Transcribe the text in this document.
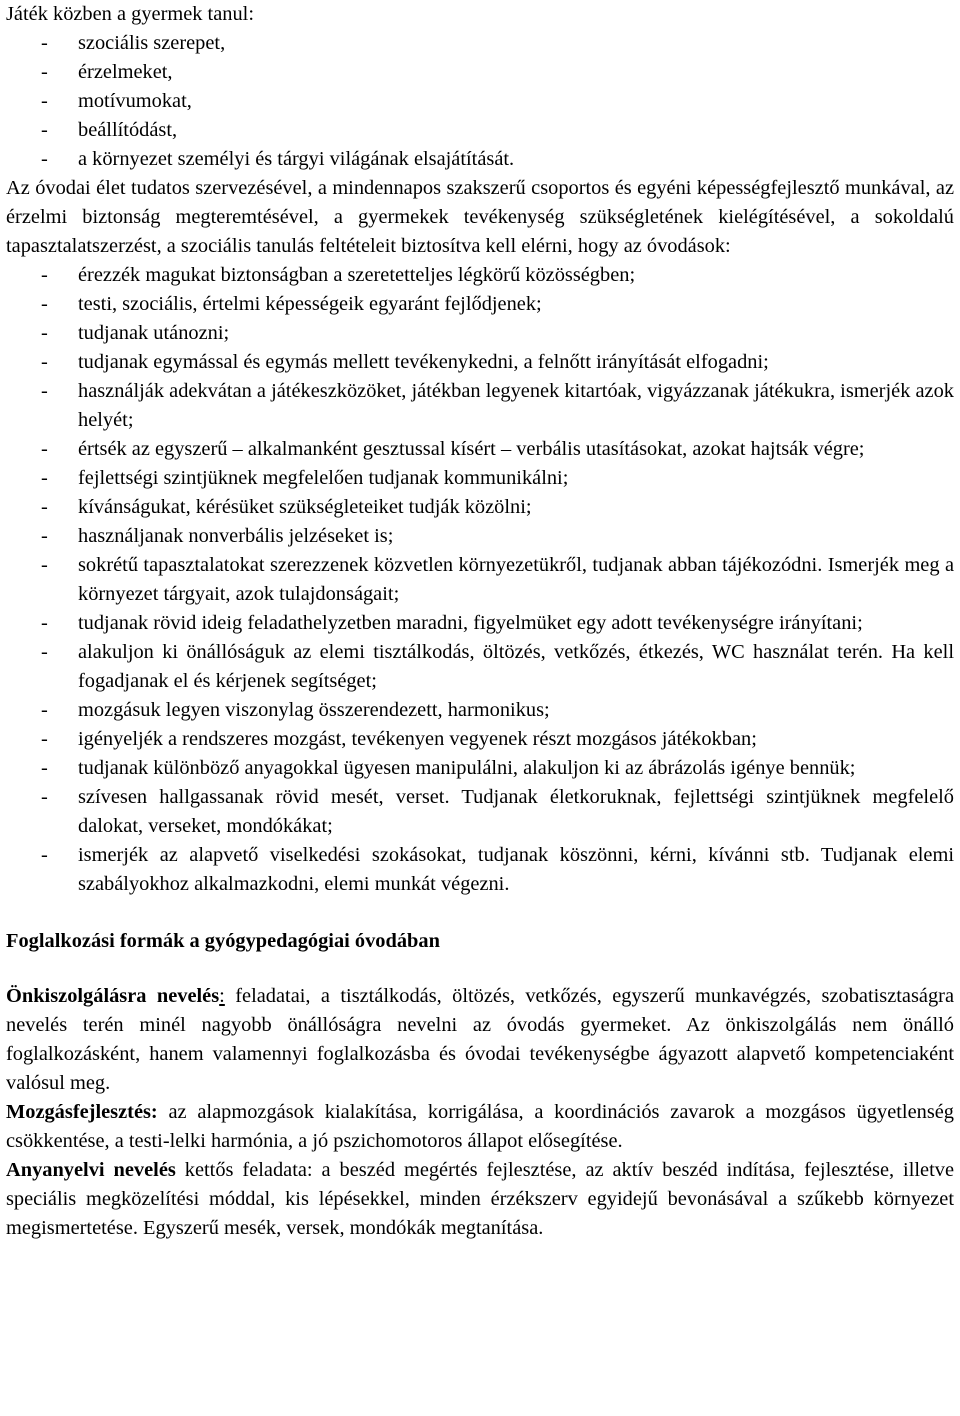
Játék közben a gyermek tanul:
- szociális szerepet,
- érzelmeket,
- motívumokat,
- beállítódást,
- a környezet személyi és tárgyi világának elsajátítását.
Az óvodai élet tudatos szervezésével, a mindennapos szakszerű csoportos és egyéni képességfejlesztő munkával, az érzelmi biztonság megteremtésével, a gyermekek tevékenység szükségletének kielégítésével, a sokoldalú tapasztalatszerzést, a szociális tanulás feltételeit biztosítva kell elérni, hogy az óvodások:
- érezzék magukat biztonságban a szeretetteljes légkörű közösségben;
- testi, szociális, értelmi képességeik egyaránt fejlődjenek;
- tudjanak utánozni;
- tudjanak egymással és egymás mellett tevékenykedni, a felnőtt irányítását elfogadni;
- használják adekvátan a játékeszközöket, játékban legyenek kitartóak, vigyázzanak játékukra, ismerjék azok helyét;
- értsék az egyszerű – alkalmanként gesztussal kísért – verbális utasításokat, azokat hajtsák végre;
- fejlettségi szintjüknek megfelelően tudjanak kommunikálni;
- kívánságukat, kérésüket szükségleteiket tudják közölni;
- használjanak nonverbális jelzéseket is;
- sokrétű tapasztalatokat szerezzenek közvetlen környezetükről, tudjanak abban tájékozódni. Ismerjék meg a környezet tárgyait, azok tulajdonságait;
- tudjanak rövid ideig feladathelyzetben maradni, figyelmüket egy adott tevékenységre irányítani;
- alakuljon ki önállóságuk az elemi tisztálkodás, öltözés, vetkőzés, étkezés, WC használat terén. Ha kell fogadjanak el és kérjenek segítséget;
- mozgásuk legyen viszonylag összerendezett, harmonikus;
- igényeljék a rendszeres mozgást, tevékenyen vegyenek részt mozgásos játékokban;
- tudjanak különböző anyagokkal ügyesen manipulálni, alakuljon ki az ábrázolás igénye bennük;
- szívesen hallgassanak rövid mesét, verset. Tudjanak életkoruknak, fejlettségi szintjüknek megfelelő dalokat, verseket, mondókákat;
- ismerjék az alapvető viselkedési szokásokat, tudjanak köszönni, kérni, kívánni stb. Tudjanak elemi szabályokhoz alkalmazkodni, elemi munkát végezni.
Foglalkozási formák a gyógypedagógiai óvodában
Önkiszolgálásra nevelés: feladatai, a tisztálkodás, öltözés, vetkőzés, egyszerű munkavégzés, szobatisztaságra nevelés terén minél nagyobb önállóságra nevelni az óvodás gyermeket. Az önkiszolgálás nem önálló foglalkozásként, hanem valamennyi foglalkozásba és óvodai tevékenységbe ágyazott alapvető kompetenciaként valósul meg.
Mozgásfejlesztés: az alapmozgások kialakítása, korrigálása, a koordinációs zavarok a mozgásos ügyetlenség csökkentése, a testi-lelki harmónia, a jó pszichomotoros állapot elősegítése.
Anyanyelvi nevelés kettős feladata: a beszéd megértés fejlesztése, az aktív beszéd indítása, fejlesztése, illetve speciális megközelítési móddal, kis lépésekkel, minden érzékszerv egyidejű bevonásával a szűkebb környezet megismertetése. Egyszerű mesék, versek, mondókák megtanítása.
